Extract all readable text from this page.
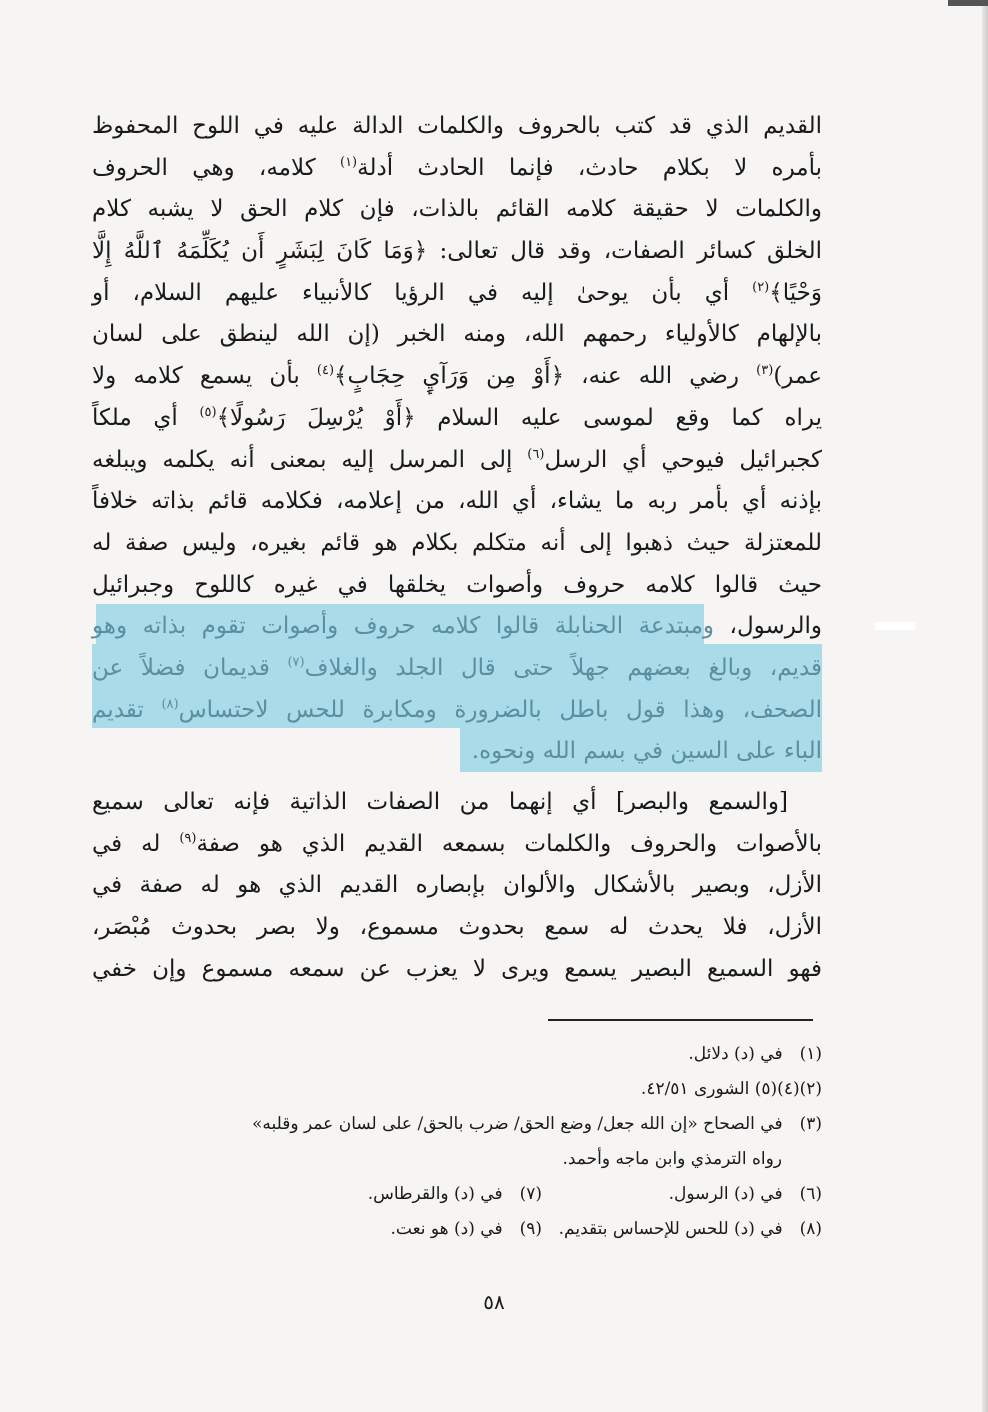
القديم الذي قد كتب بالحروف والكلمات الدالة عليه في اللوح المحفوظ
بأمره لا بكلام حادث، فإنما الحادث أدلة$^{(١)}$ كلامه، وهي الحروف
والكلمات لا حقيقة كلامه القائم بالذات، فإن كلام الحق لا يشبه كلام
الخلق كسائر الصفات، وقد قال تعالى: ﴿وَمَا كَانَ لِبَشَرٍ أَن يُكَلِّمَهُ ٱللَّهُ إِلَّا
وَحْيًا﴾$^{(٢)}$ أي بأن يوحىٰ إليه في الرؤيا كالأنبياء عليهم السلام، أو
بالإلهام كالأولياء رحمهم الله، ومنه الخبر (إن الله لينطق على لسان
عمر)$^{(٣)}$ رضي الله عنه، ﴿أَوْ مِن وَرَآيِٕ حِجَابٍ﴾$^{(٤)}$ بأن يسمع كلامه ولا
يراه كما وقع لموسى عليه السلام ﴿أَوْ يُرْسِلَ رَسُولًا﴾$^{(٥)}$ أي ملكاً
كجبرائيل فيوحي أي الرسل$^{(٦)}$ إلى المرسل إليه بمعنى أنه يكلمه ويبلغه
بإذنه أي بأمر ربه ما يشاء، أي الله، من إعلامه، فكلامه قائم بذاته خلافاً
للمعتزلة حيث ذهبوا إلى أنه متكلم بكلام هو قائم بغيره، وليس صفة له
حيث قالوا كلامه حروف وأصوات يخلقها في غيره كاللوح وجبرائيل
والرسول، ومبتدعة الحنابلة قالوا كلامه حروف وأصوات تقوم بذاته وهو
قديم، وبالغ بعضهم جهلاً حتى قال الجلد والغلاف$^{(٧)}$ قديمان فضلاً عن
الصحف، وهذا قول باطل بالضرورة ومكابرة للحس لاحتساس$^{(٨)}$ تقديم
الباء على السين في بسم الله ونحوه.
[والسمع والبصر] أي إنهما من الصفات الذاتية فإنه تعالى سميع
بالأصوات والحروف والكلمات بسمعه القديم الذي هو صفة$^{(٩)}$ له في
الأزل، وبصير بالأشكال والألوان بإبصاره القديم الذي هو له صفة في
الأزل، فلا يحدث له سمع بحدوث مسموع، ولا بصر بحدوث مُبْصَر،
فهو السميع البصير يسمع ويرى لا يعزب عن سمعه مسموع وإن خفي
(١) في (د) دلائل.
(٢)(٤)(٥) الشورى ٤٢/٥١.
(٣) في الصحاح «إن الله جعل/ وضع الحق/ ضرب بالحق/ على لسان عمر وقلبه»
رواه الترمذي وابن ماجه وأحمد.
(٦) في (د) الرسول.
(٧) في (د) والقرطاس.
(٨) في (د) للحس للإحساس بتقديم.
(٩) في (د) هو نعت.
٥٨
